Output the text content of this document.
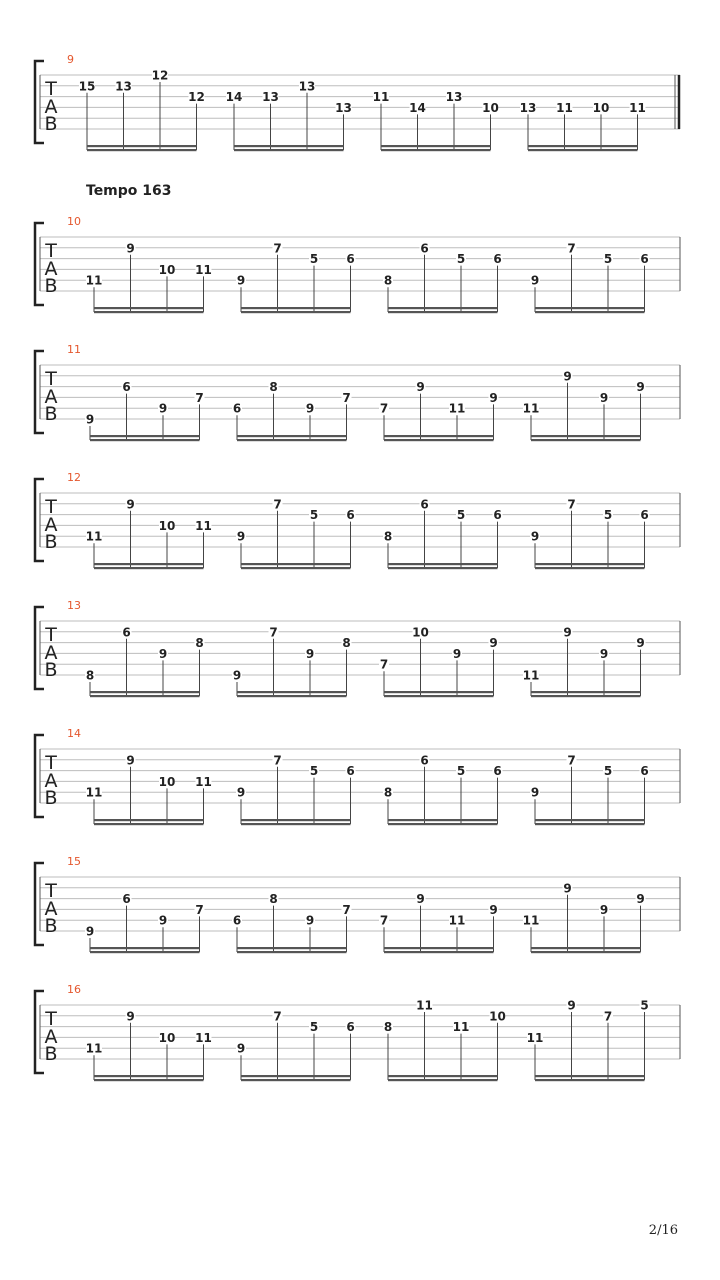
9
T
A
B
15 13
12
12 14 13
13
13
11
14
13
10 13 11 10 11
10
T
A
B 11
9
10 11
9
7
5 6
8
6
5 6
9
7
5 6
11
T
A
B 9
6
9
7
6
8
9
7
7
9
11
9
11
9
9
9
12
T
A
B 11
9
10 11
9
7
5 6
8
6
5 6
9
7
5 6
13
T
A
B 8
6
9
8
9
7
9
8
7
10
9
9
11
9
9
9
14
T
A
B 11
9
10 11
9
7
5 6
8
6
5 6
9
7
5 6
15
T
A
B 9
6
9
7
6
8
9
7
7
9
11
9
11
9
9
9
16
T
A
B 11
9
10 11
9
7
5 6 8
11
11
10
11
9
7
5
Tempo 163
2/16
